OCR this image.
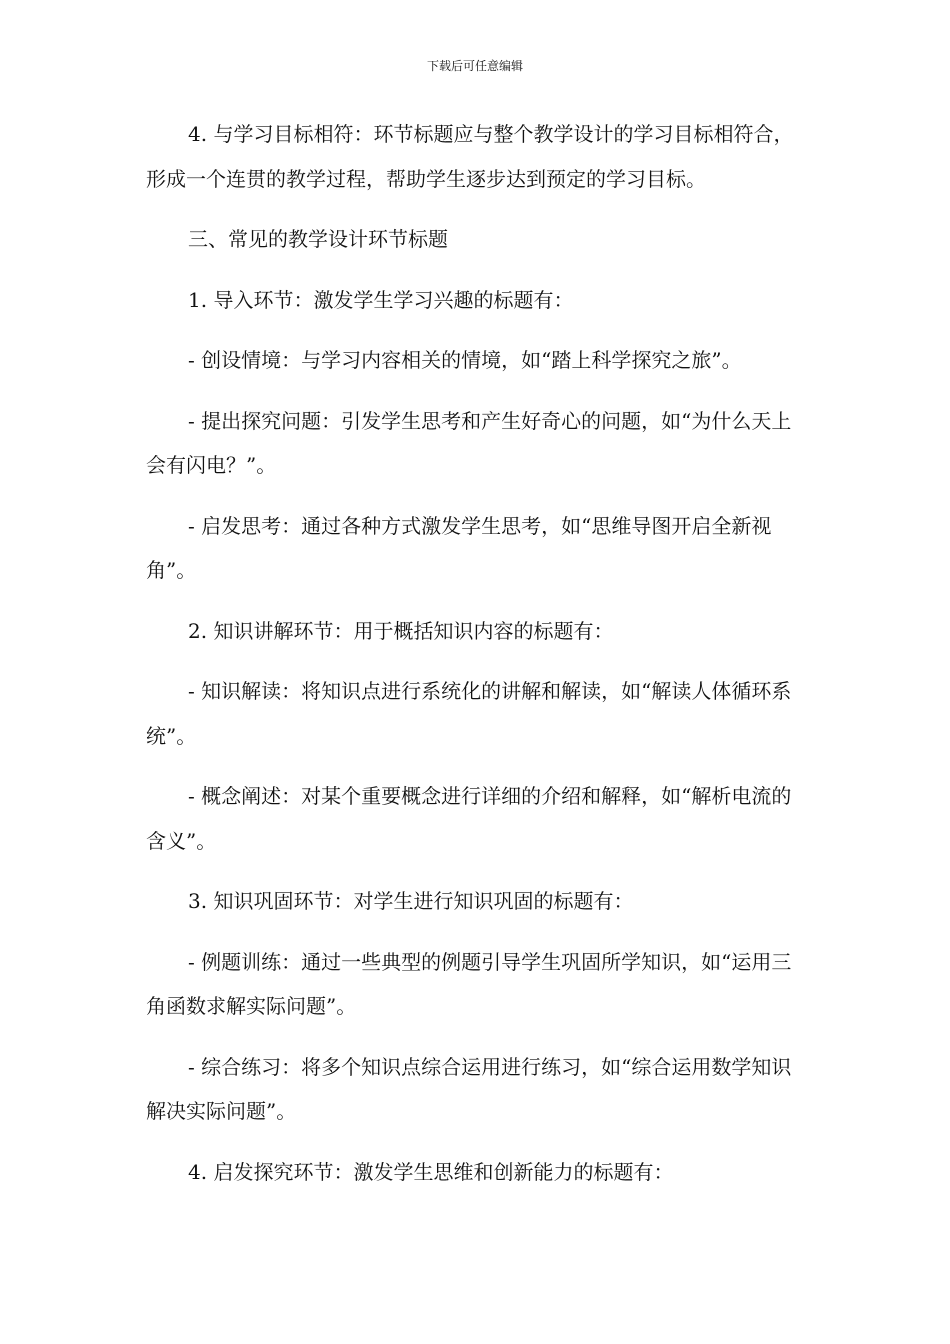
下载后可任意编辑

4. 与学习目标相符：环节标题应与整个教学设计的学习目标相符合，形成一个连贯的教学过程，帮助学生逐步达到预定的学习目标。

三、常见的教学设计环节标题

1. 导入环节：激发学生学习兴趣的标题有：

- 创设情境：与学习内容相关的情境，如“踏上科学探究之旅”。

- 提出探究问题：引发学生思考和产生好奇心的问题，如“为什么天上会有闪电？”。

- 启发思考：通过各种方式激发学生思考，如“思维导图开启全新视角”。

2. 知识讲解环节：用于概括知识内容的标题有：

- 知识解读：将知识点进行系统化的讲解和解读，如“解读人体循环系统”。

- 概念阐述：对某个重要概念进行详细的介绍和解释，如“解析电流的含义”。

3. 知识巩固环节：对学生进行知识巩固的标题有：

- 例题训练：通过一些典型的例题引导学生巩固所学知识，如“运用三角函数求解实际问题”。

- 综合练习：将多个知识点综合运用进行练习，如“综合运用数学知识解决实际问题”。

4. 启发探究环节：激发学生思维和创新能力的标题有：
